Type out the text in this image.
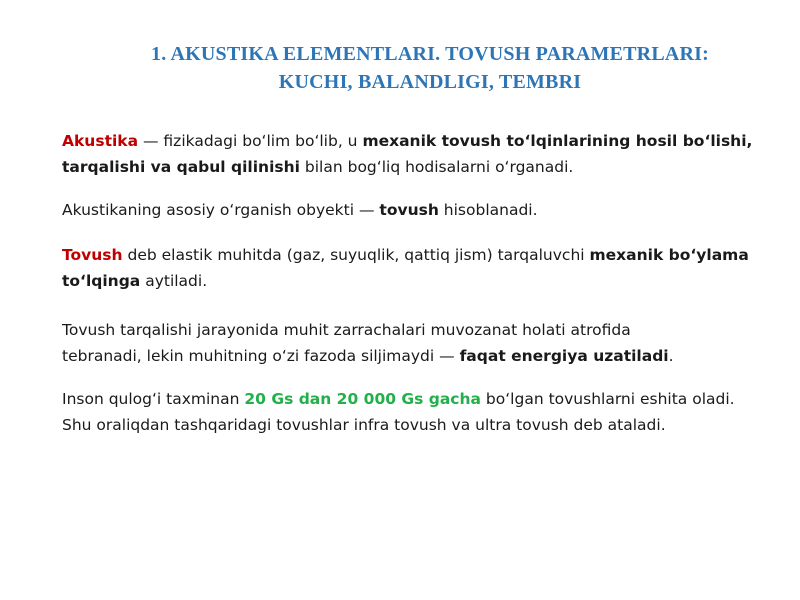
1. AKUSTIKA ELEMENTLARI. TOVUSH PARAMETRLARI:
KUCHI, BALANDLIGI, TEMBRI

Akustika — fizikadagi boʻlim boʻlib, u mexanik tovush toʻlqinlarining hosil boʻlishi, tarqalishi va qabul qilinishi bilan bogʻliq hodisalarni oʻrganadi.

Akustikaning asosiy oʻrganish obyekti — tovush hisoblanadi.

Tovush deb elastik muhitda (gaz, suyuqlik, qattiq jism) tarqaluvchi mexanik boʻylama toʻlqinga aytiladi.

Tovush tarqalishi jarayonida muhit zarrachalari muvozanat holati atrofida
tebranadi, lekin muhitning oʻzi fazoda siljimaydi — faqat energiya uzatiladi.

Inson qulogʻi taxminan 20 Gs dan 20 000 Gs gacha boʻlgan tovushlarni eshita oladi.
Shu oraliqdan tashqaridagi tovushlar infra tovush va ultra tovush deb ataladi.
